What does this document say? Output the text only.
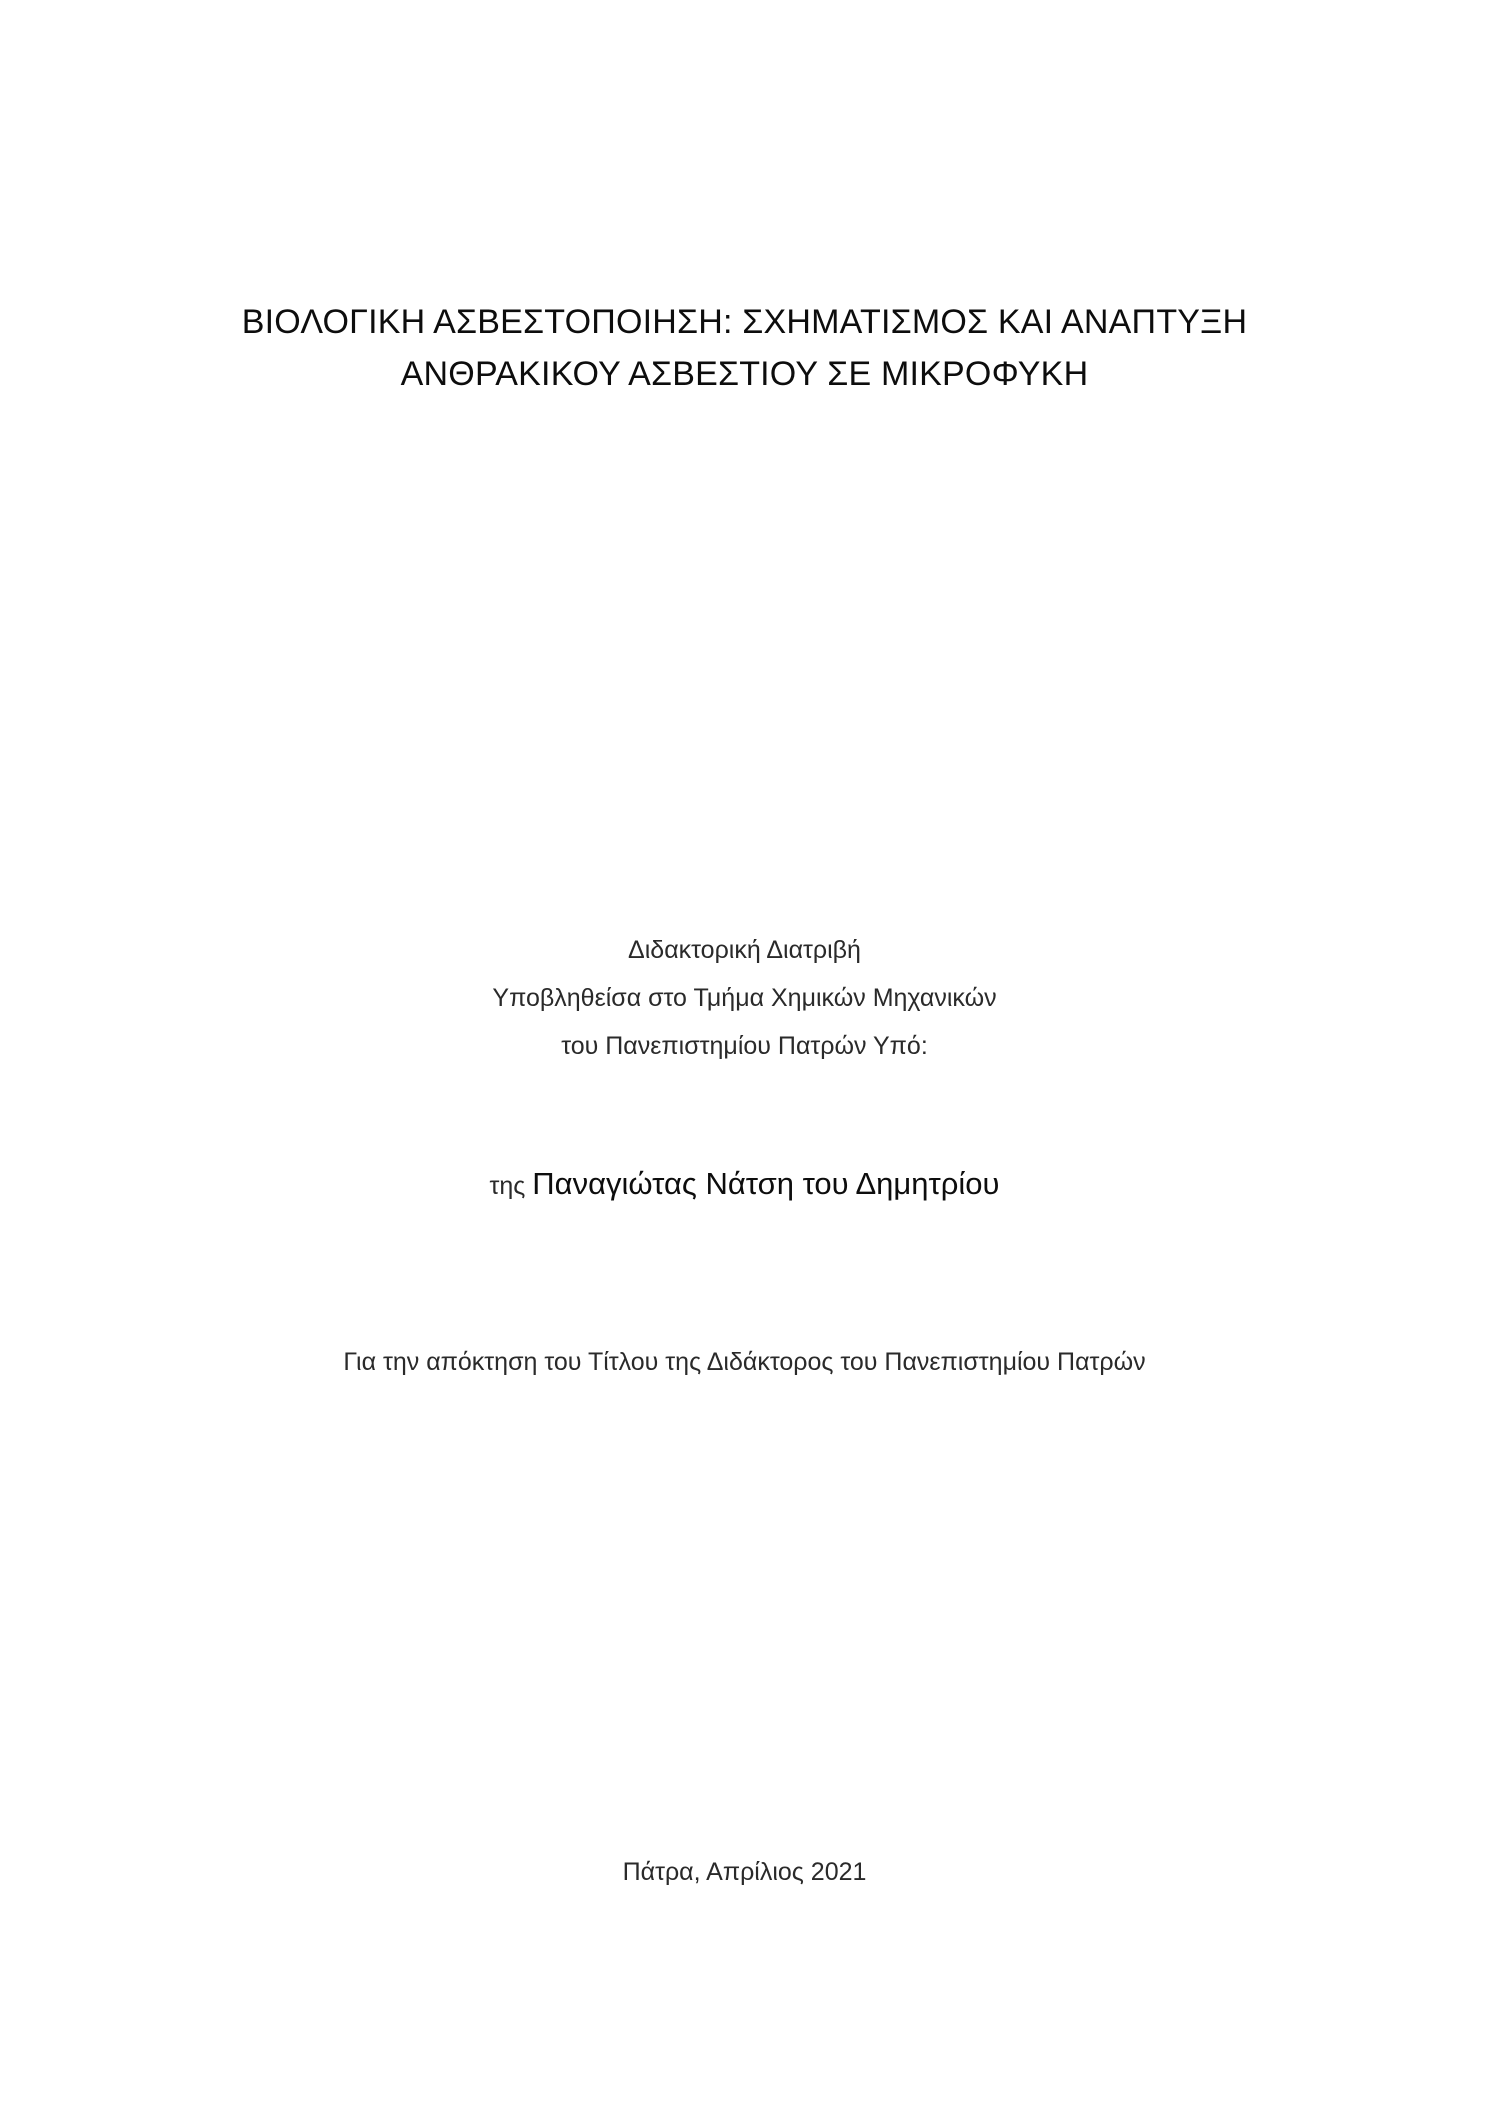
ΒΙΟΛΟΓΙΚΗ ΑΣΒΕΣΤΟΠΟΙΗΣΗ: ΣΧΗΜΑΤΙΣΜΟΣ ΚΑΙ ΑΝΑΠΤΥΞΗ
ΑΝΘΡΑΚΙΚΟΥ ΑΣΒΕΣΤΙΟΥ ΣΕ ΜΙΚΡΟΦΥΚΗ
Διδακτορική Διατριβή
Υποβληθείσα στο Τμήμα Χημικών Μηχανικών
του Πανεπιστημίου Πατρών Υπό:
της Παναγιώτας Νάτση του Δημητρίου
Για την απόκτηση του Τίτλου της Διδάκτορος του Πανεπιστημίου Πατρών
Πάτρα, Απρίλιος 2021
